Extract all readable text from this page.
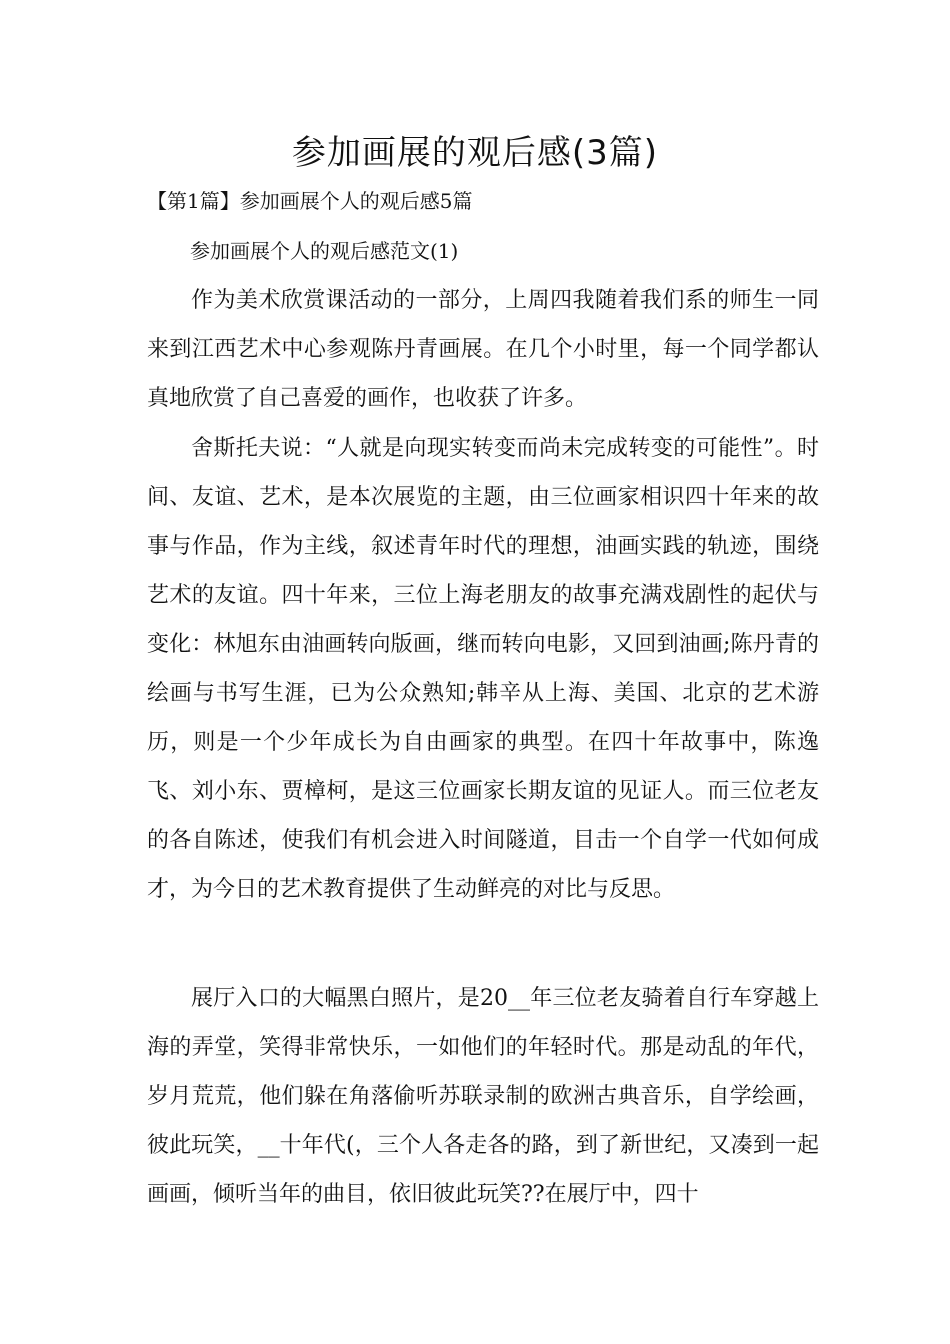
参加画展的观后感(3篇)
【第1篇】参加画展个人的观后感5篇
参加画展个人的观后感范文(1)

作为美术欣赏课活动的一部分，上周四我随着我们系的师生一同来到江西艺术中心参观陈丹青画展。在几个小时里，每一个同学都认真地欣赏了自己喜爱的画作，也收获了许多。

舍斯托夫说：“人就是向现实转变而尚未完成转变的可能性”。时间、友谊、艺术，是本次展览的主题，由三位画家相识四十年来的故事与作品，作为主线，叙述青年时代的理想，油画实践的轨迹，围绕艺术的友谊。四十年来，三位上海老朋友的故事充满戏剧性的起伏与变化：林旭东由油画转向版画，继而转向电影，又回到油画;陈丹青的绘画与书写生涯，已为公众熟知;韩辛从上海、美国、北京的艺术游历，则是一个少年成长为自由画家的典型。在四十年故事中，陈逸飞、刘小东、贾樟柯，是这三位画家长期友谊的见证人。而三位老友的各自陈述，使我们有机会进入时间隧道，目击一个自学一代如何成才，为今日的艺术教育提供了生动鲜亮的对比与反思。

展厅入口的大幅黑白照片，是20__年三位老友骑着自行车穿越上海的弄堂，笑得非常快乐，一如他们的年轻时代。那是动乱的年代，岁月荒荒，他们躲在角落偷听苏联录制的欧洲古典音乐，自学绘画，彼此玩笑，__十年代(，三个人各走各的路，到了新世纪，又凑到一起画画，倾听当年的曲目，依旧彼此玩笑??在展厅中，四十
